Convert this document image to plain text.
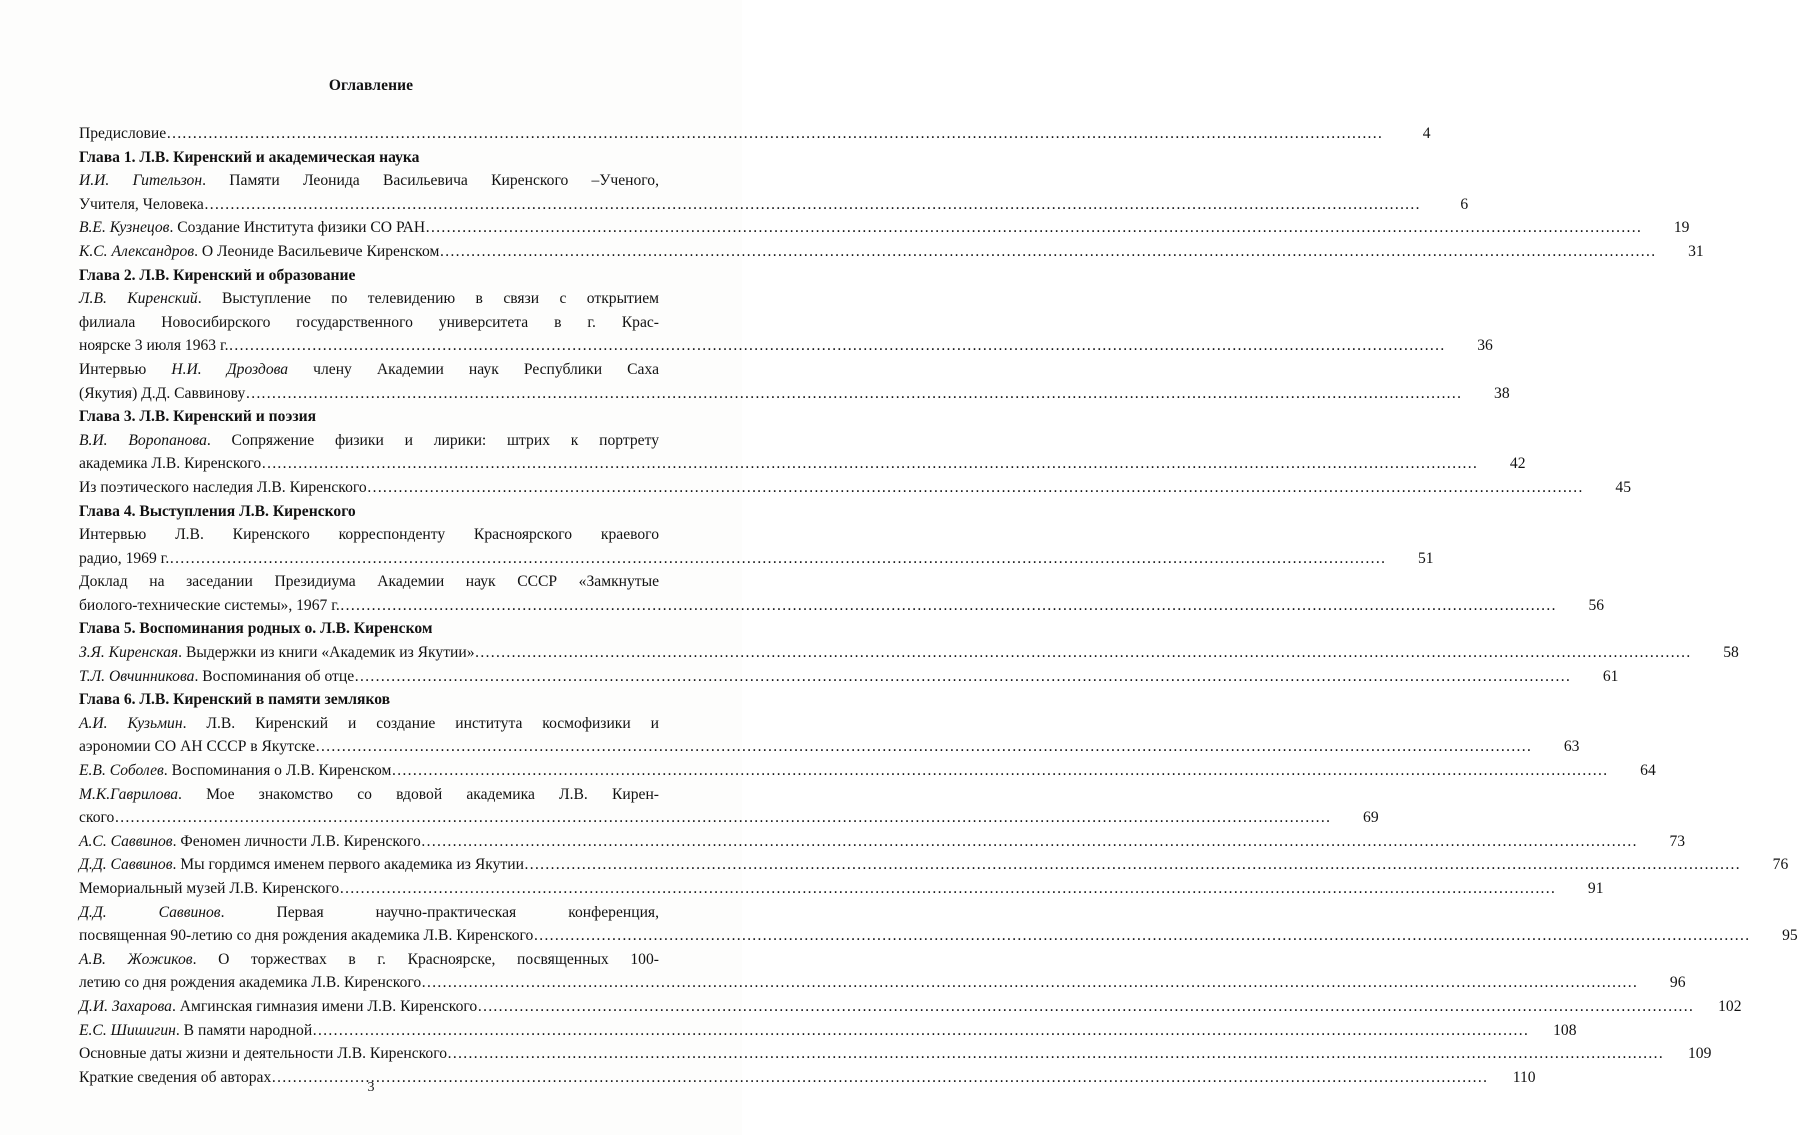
Оглавление
Предисловие ………………………………………………………………………………………………………………………………………………………………………………………………………………	4
Глава 1. Л.В. Киренский и академическая наука
И.И. Гительзон. Памяти Леонида Васильевича Киренского –Ученого,
Учителя, Человека ………………………………………………………………………………………………………………………………………………………………………………………………………………	6
В.Е. Кузнецов. Создание Института физики СО РАН ………………………………………………………………………………………………………………………………………………………………………………………………………………	19
К.С. Александров. О Леониде Васильевиче Киренском ………………………………………………………………………………………………………………………………………………………………………………………………………………	31
Глава 2. Л.В. Киренский и образование
Л.В. Киренский. Выступление по телевидению в связи с открытием
филиала Новосибирского государственного университета в г. Крас-
ноярске 3 июля 1963 г. ………………………………………………………………………………………………………………………………………………………………………………………………………………	36
Интервью Н.И. Дроздова члену Академии наук Республики Саха
(Якутия) Д.Д. Саввинову ………………………………………………………………………………………………………………………………………………………………………………………………………………	38
Глава 3. Л.В. Киренский и поэзия
В.И. Воропанова. Сопряжение физики и лирики: штрих к портрету
академика Л.В. Киренского ………………………………………………………………………………………………………………………………………………………………………………………………………………	42
Из поэтического наследия Л.В. Киренского ………………………………………………………………………………………………………………………………………………………………………………………………………………	45
Глава 4. Выступления Л.В. Киренского
Интервью Л.В. Киренского корреспонденту Красноярского краевого
радио, 1969 г. ………………………………………………………………………………………………………………………………………………………………………………………………………………	51
Доклад на заседании Президиума Академии наук СССР «Замкнутые
биолого-технические системы», 1967 г. ………………………………………………………………………………………………………………………………………………………………………………………………………………	56
Глава 5. Воспоминания родных о. Л.В. Киренском
З.Я. Киренская. Выдержки из книги «Академик из Якутии» ………………………………………………………………………………………………………………………………………………………………………………………………………………	58
Т.Л. Овчинникова. Воспоминания об отце ………………………………………………………………………………………………………………………………………………………………………………………………………………	61
Глава 6. Л.В. Киренский в памяти земляков
А.И. Кузьмин. Л.В. Киренский и создание института космофизики и
аэрономии СО АН СССР в Якутске ………………………………………………………………………………………………………………………………………………………………………………………………………………	63
Е.В. Соболев. Воспоминания о Л.В. Киренском ………………………………………………………………………………………………………………………………………………………………………………………………………………	64
М.К.Гаврилова. Мое знакомство со вдовой академика Л.В. Кирен-
ского ………………………………………………………………………………………………………………………………………………………………………………………………………………	69
А.С. Саввинов. Феномен личности Л.В. Киренского ………………………………………………………………………………………………………………………………………………………………………………………………………………	73
Д.Д. Саввинов. Мы гордимся именем первого академика из Якутии ………………………………………………………………………………………………………………………………………………………………………………………………………………	76
Мемориальный музей Л.В. Киренского ………………………………………………………………………………………………………………………………………………………………………………………………………………	91
Д.Д. Саввинов. Первая научно-практическая конференция,
посвященная 90-летию со дня рождения академика Л.В. Киренского ………………………………………………………………………………………………………………………………………………………………………………………………………………	95
А.В. Жожиков. О торжествах в г. Красноярске, посвященных 100-
летию со дня рождения академика Л.В. Киренского ………………………………………………………………………………………………………………………………………………………………………………………………………………	96
Д.И. Захарова. Амгинская гимназия имени Л.В. Киренского ………………………………………………………………………………………………………………………………………………………………………………………………………………	102
Е.С. Шишигин. В памяти народной ………………………………………………………………………………………………………………………………………………………………………………………………………………	108
Основные даты жизни и деятельности Л.В. Киренского ………………………………………………………………………………………………………………………………………………………………………………………………………………	109
Краткие сведения об авторах ………………………………………………………………………………………………………………………………………………………………………………………………………………	110
3
